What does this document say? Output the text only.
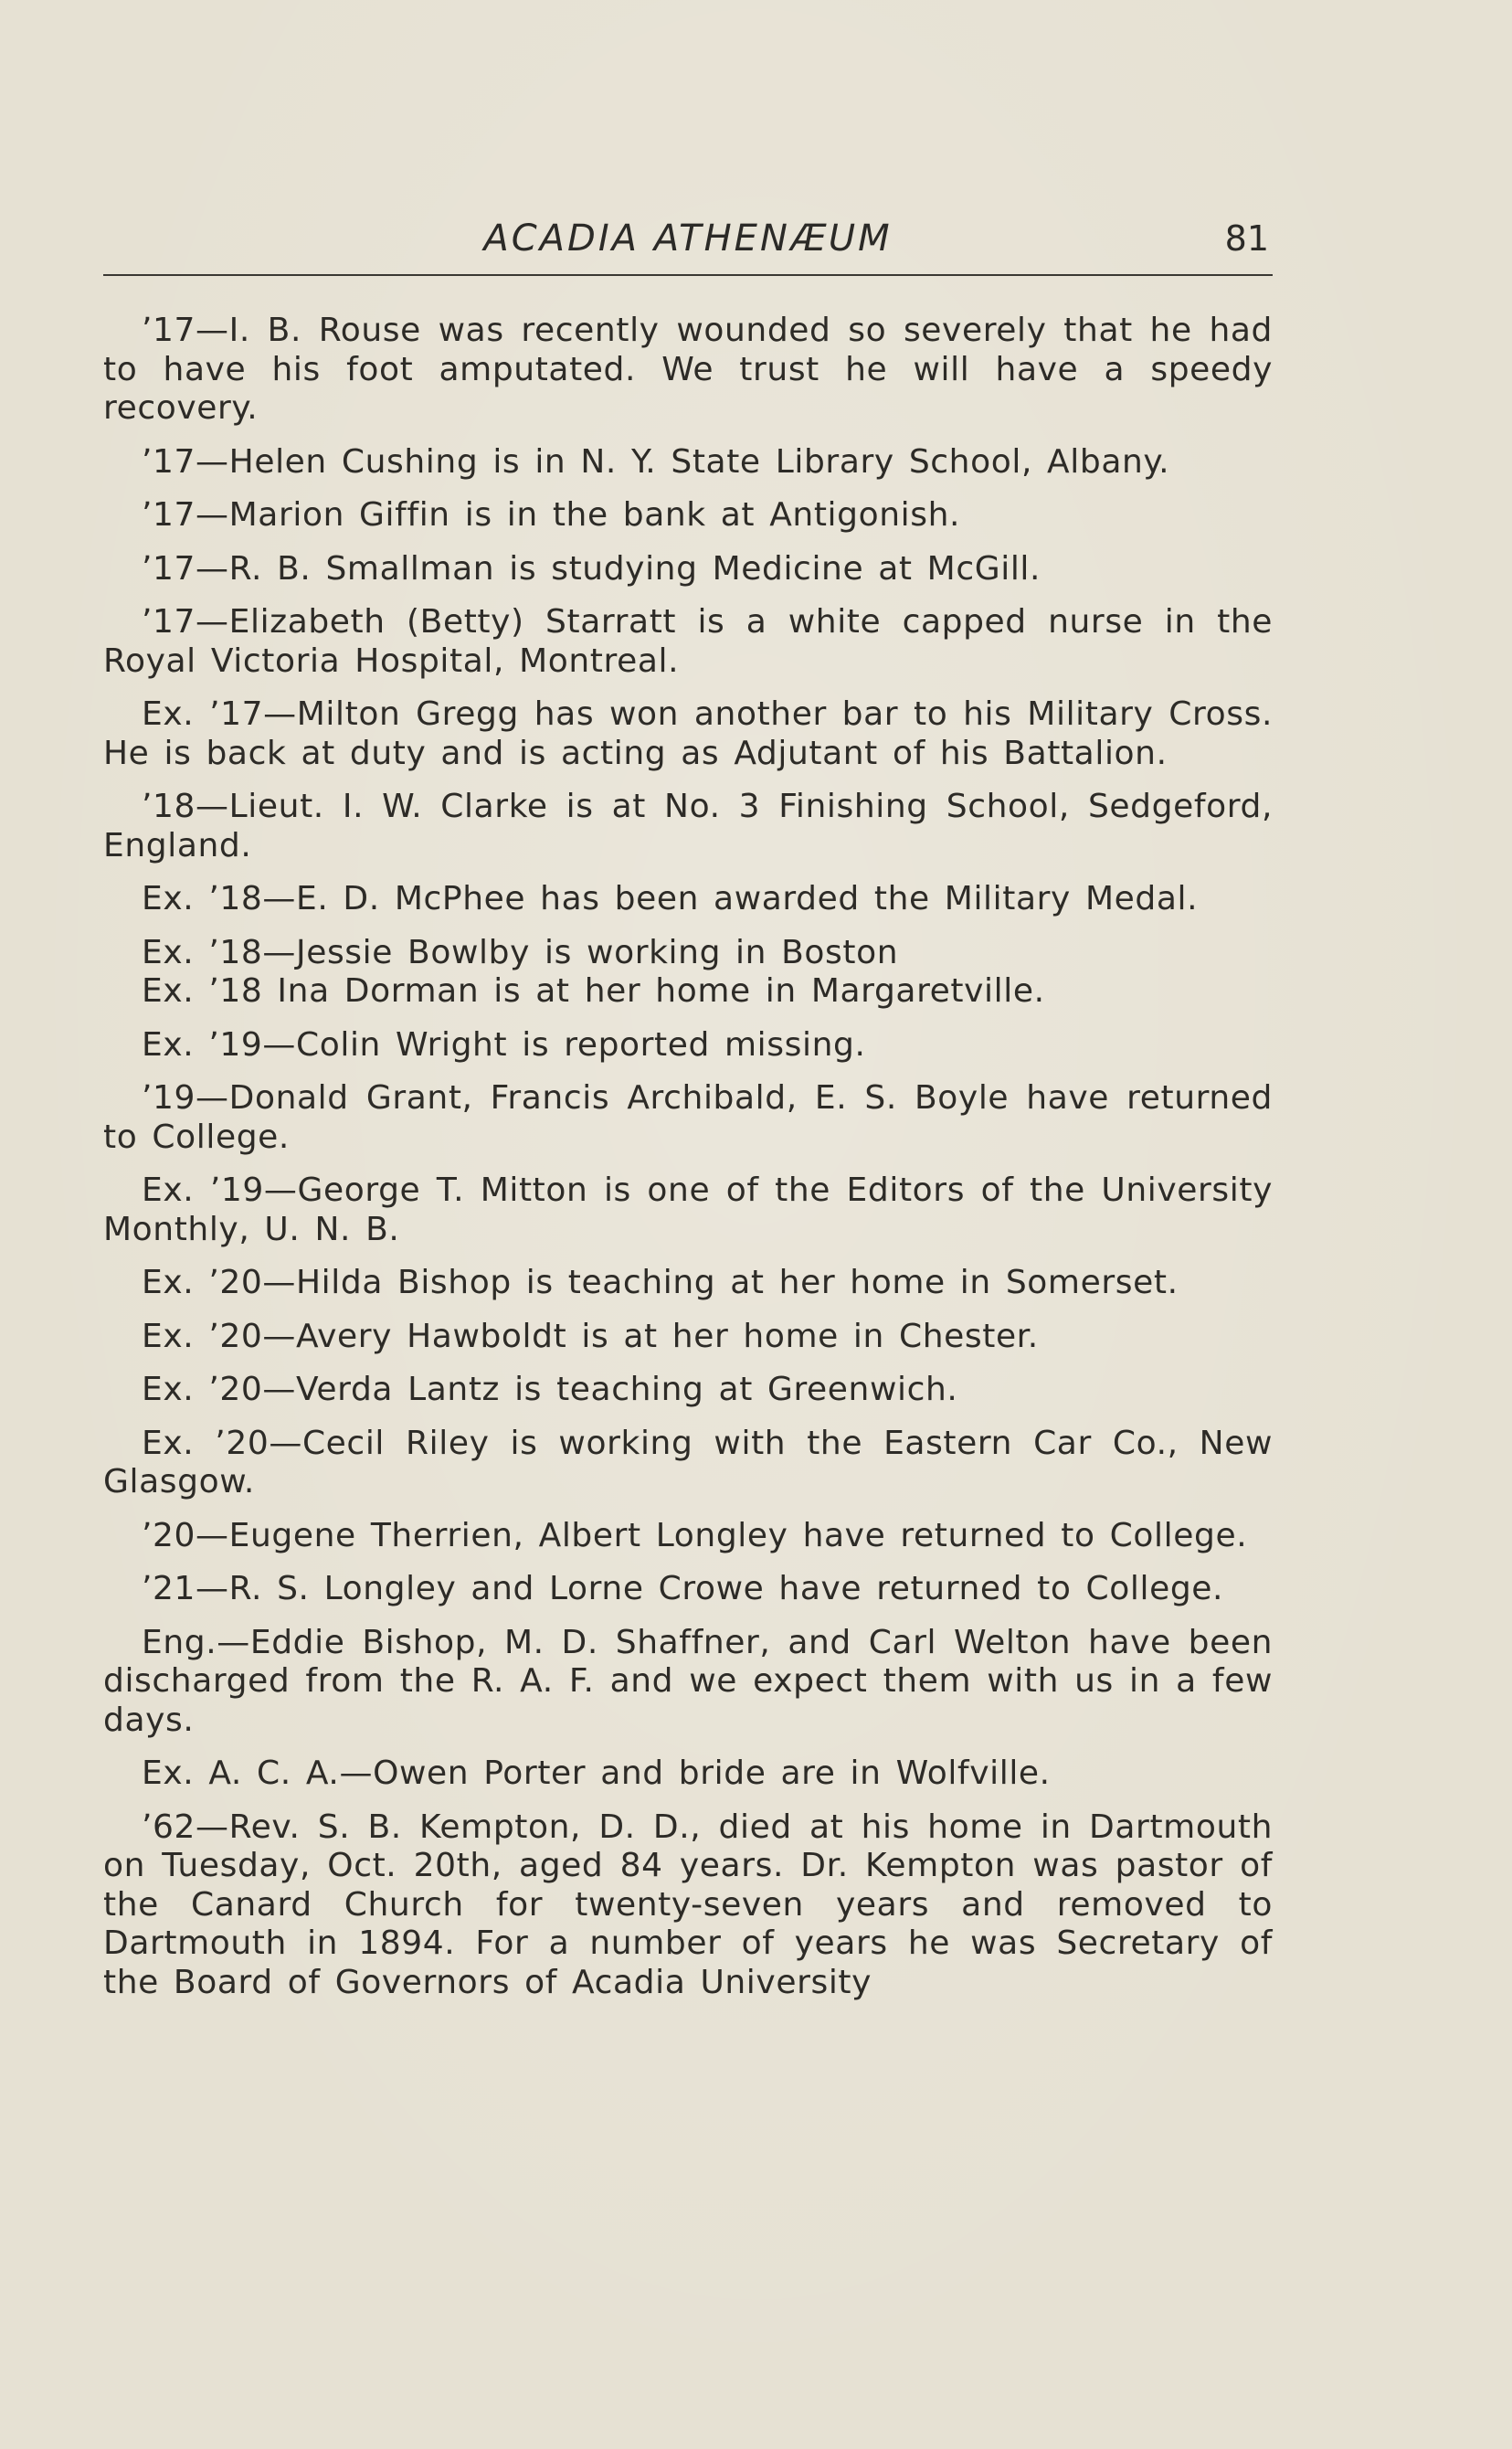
ACADIA ATHENÆUM	81

’17—I. B. Rouse was recently wounded so severely that he had to have his foot amputated. We trust he will have a speedy recovery.

’17—Helen Cushing is in N. Y. State Library School, Albany.

’17—Marion Giffin is in the bank at Antigonish.

’17—R. B. Smallman is studying Medicine at McGill.

’17—Elizabeth (Betty) Starratt is a white capped nurse in the Royal Victoria Hospital, Montreal.

Ex. ’17—Milton Gregg has won another bar to his Military Cross. He is back at duty and is acting as Adjutant of his Battalion.

’18—Lieut. I. W. Clarke is at No. 3 Finishing School, Sedgeford, England.

Ex. ’18—E. D. McPhee has been awarded the Military Medal.

Ex. ’18—Jessie Bowlby is working in Boston

Ex. ’18 Ina Dorman is at her home in Margaretville.

Ex. ’19—Colin Wright is reported missing.

’19—Donald Grant, Francis Archibald, E. S. Boyle have returned to College.

Ex. ’19—George T. Mitton is one of the Editors of the University Monthly, U. N. B.

Ex. ’20—Hilda Bishop is teaching at her home in Somerset.

Ex. ’20—Avery Hawboldt is at her home in Chester.

Ex. ’20—Verda Lantz is teaching at Greenwich.

Ex. ’20—Cecil Riley is working with the Eastern Car Co., New Glasgow.

’20—Eugene Therrien, Albert Longley have returned to College.

’21—R. S. Longley and Lorne Crowe have returned to College.

Eng.—Eddie Bishop, M. D. Shaffner, and Carl Welton have been discharged from the R. A. F. and we expect them with us in a few days.

Ex. A. C. A.—Owen Porter and bride are in Wolfville.

’62—Rev. S. B. Kempton, D. D., died at his home in Dartmouth on Tuesday, Oct. 20th, aged 84 years. Dr. Kempton was pastor of the Canard Church for twenty-seven years and removed to Dartmouth in 1894. For a number of years he was Secretary of the Board of Governors of Acadia University
